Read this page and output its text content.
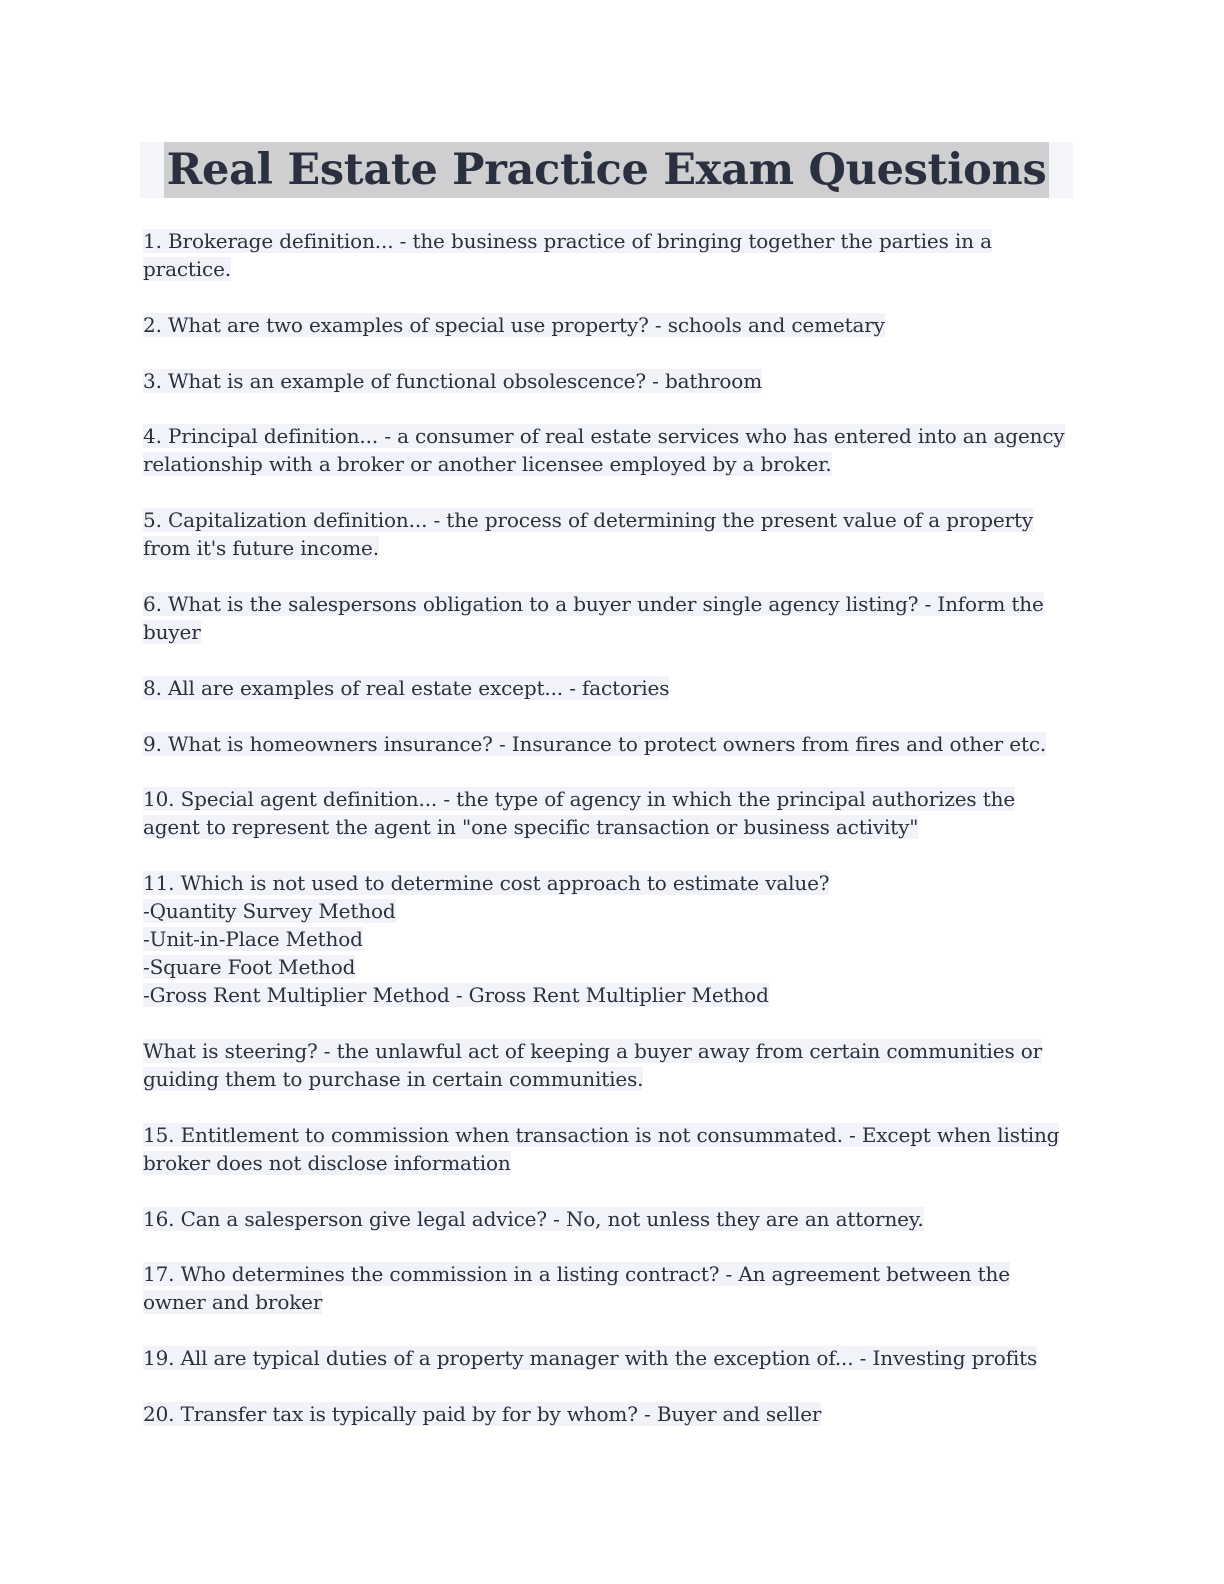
Real Estate Practice Exam Questions
1. Brokerage definition... - the business practice of bringing together the parties in a
practice.
2. What are two examples of special use property? - schools and cemetary
3. What is an example of functional obsolescence? - bathroom
4. Principal definition... - a consumer of real estate services who has entered into an agency
relationship with a broker or another licensee employed by a broker.
5. Capitalization definition... - the process of determining the present value of a property
from it's future income.
6. What is the salespersons obligation to a buyer under single agency listing? - Inform the
buyer
8. All are examples of real estate except... - factories
9. What is homeowners insurance? - Insurance to protect owners from fires and other etc.
10. Special agent definition... - the type of agency in which the principal authorizes the
agent to represent the agent in "one specific transaction or business activity"
11. Which is not used to determine cost approach to estimate value?
-Quantity Survey Method
-Unit-in-Place Method
-Square Foot Method
-Gross Rent Multiplier Method - Gross Rent Multiplier Method
What is steering? - the unlawful act of keeping a buyer away from certain communities or
guiding them to purchase in certain communities.
15. Entitlement to commission when transaction is not consummated. - Except when listing
broker does not disclose information
16. Can a salesperson give legal advice? - No, not unless they are an attorney.
17. Who determines the commission in a listing contract? - An agreement between the
owner and broker
19. All are typical duties of a property manager with the exception of... - Investing profits
20. Transfer tax is typically paid by for by whom? - Buyer and seller
